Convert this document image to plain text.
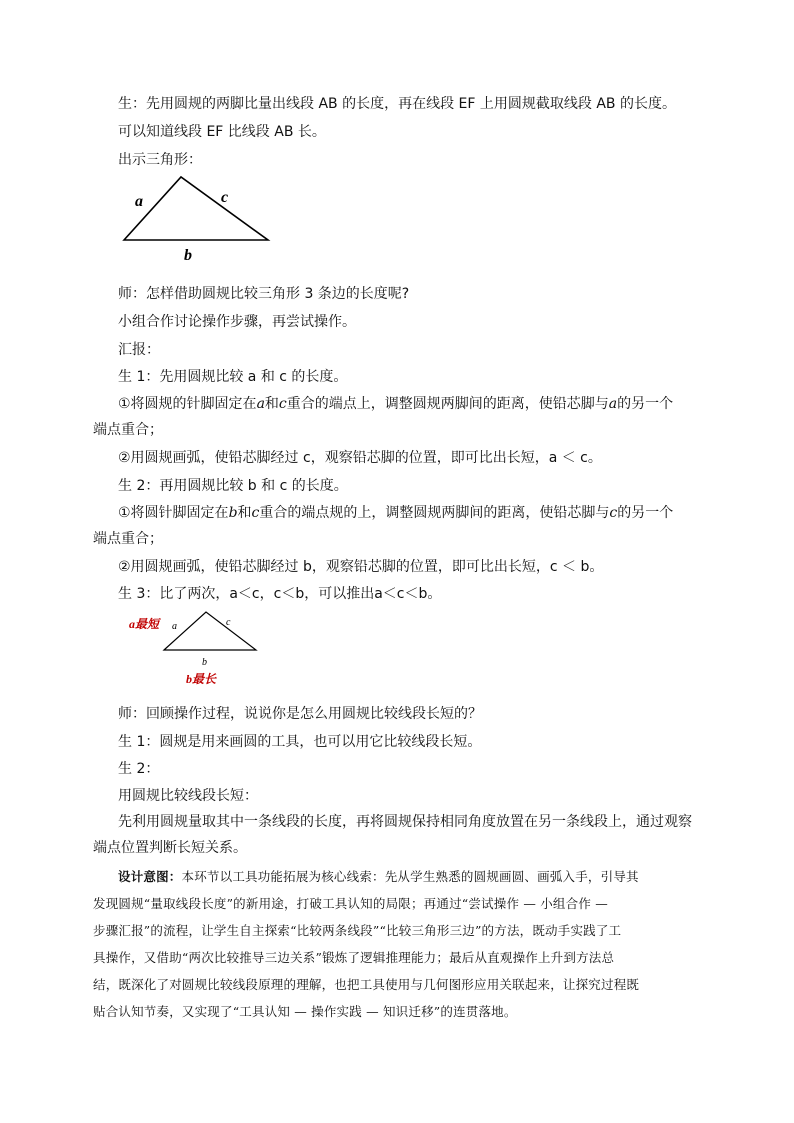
生：先用圆规的两脚比量出线段 AB 的长度，再在线段 EF 上用圆规截取线段 AB 的长度。
可以知道线段 EF 比线段 AB 长。
出示三角形：
a	c
b
师：怎样借助圆规比较三角形 3 条边的长度呢?
小组合作讨论操作步骤，再尝试操作。
汇报：
生 1：先用圆规比较 a 和 c 的长度。
①将圆规的针脚固定在a和c重合的端点上，调整圆规两脚间的距离，使铅芯脚与a的另一个
端点重合；
②用圆规画弧，使铅芯脚经过 c，观察铅芯脚的位置，即可比出长短，a ＜ c。
生 2：再用圆规比较 b 和 c 的长度。
①将圆针脚固定在b和c重合的端点规的上，调整圆规两脚间的距离，使铅芯脚与c的另一个
端点重合；
②用圆规画弧，使铅芯脚经过 b，观察铅芯脚的位置，即可比出长短，c ＜ b。
生 3：比了两次，a＜c，c＜b，可以推出a＜c＜b。
a最短 a	c
b
b最长
师：回顾操作过程，说说你是怎么用圆规比较线段长短的？
生 1：圆规是用来画圆的工具，也可以用它比较线段长短。
生 2：
用圆规比较线段长短：
先利用圆规量取其中一条线段的长度，再将圆规保持相同角度放置在另一条线段上，通过观察
端点位置判断长短关系。
设计意图：本环节以工具功能拓展为核心线索：先从学生熟悉的圆规画圆、画弧入手，引导其
发现圆规“量取线段长度”的新用途，打破工具认知的局限；再通过“尝试操作 — 小组合作 —
步骤汇报”的流程，让学生自主探索“比较两条线段”“比较三角形三边”的方法，既动手实践了工
具操作，又借助“两次比较推导三边关系”锻炼了逻辑推理能力；最后从直观操作上升到方法总
结，既深化了对圆规比较线段原理的理解，也把工具使用与几何图形应用关联起来，让探究过程既
贴合认知节奏，又实现了“工具认知 — 操作实践 — 知识迁移”的连贯落地。
